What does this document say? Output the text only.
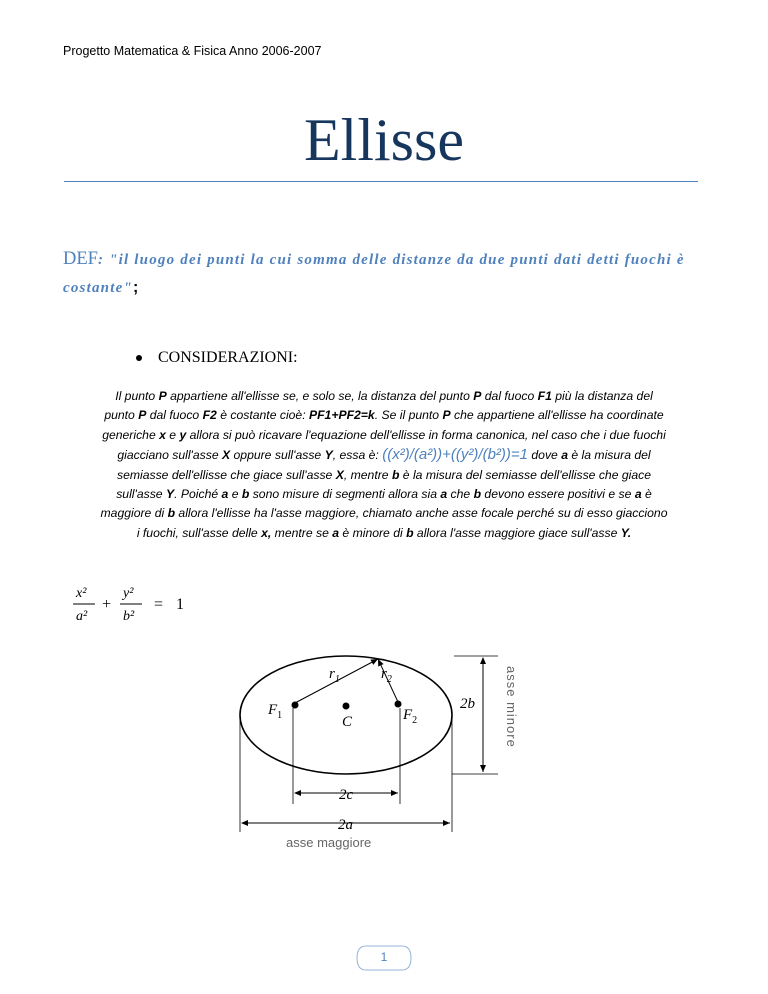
Progetto Matematica & Fisica Anno 2006-2007
Ellisse
DEF: "il luogo dei punti la cui somma delle distanze da due punti dati detti fuochi è costante";
CONSIDERAZIONI:
Il punto P appartiene all'ellisse se, e solo se, la distanza del punto P dal fuoco F1 più la distanza del punto P dal fuoco F2 è costante cioè: PF1+PF2=k. Se il punto P che appartiene all'ellisse ha coordinate generiche x e y allora si può ricavare l'equazione dell'ellisse in forma canonica, nel caso che i due fuochi giacciano sull'asse X oppure sull'asse Y, essa è: ((x²)/(a²))+((y²)/(b²))=1 dove a è la misura del semiasse dell'ellisse che giace sull'asse X, mentre b è la misura del semiasse dell'ellisse che giace sull'asse Y. Poiché a e b sono misure di segmenti allora sia a che b devono essere positivi e se a è maggiore di b allora l'ellisse ha l'asse maggiore, chiamato anche asse focale perché su di esso giacciono i fuochi, sull'asse delle x, mentre se a è minore di b allora l'asse maggiore giace sull'asse Y.
x²
a²
+
y²
b²
= 1
$r_1$	$r_2$
$F_1$	C	$F_2$
2b
2c
2a
asse minore
asse maggiore
1
